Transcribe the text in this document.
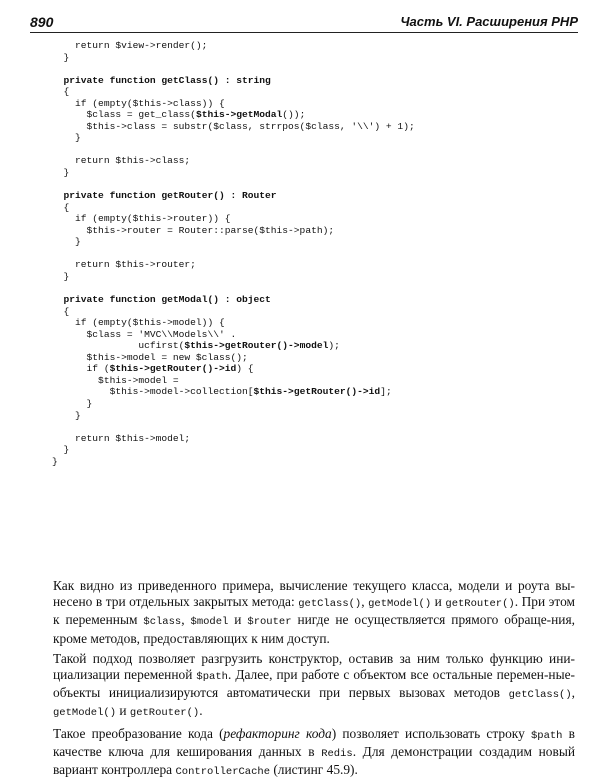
890	Часть VI. Расширения PHP
return $view->render();
}
private function getClass() : string
{
if (empty($this->class)) {
$class = get_class($this->getModal());
$this->class = substr($class, strrpos($class, '\\') + 1);
}
return $this->class;
}
private function getRouter() : Router
{
if (empty($this->router)) {
$this->router = Router::parse($this->path);
}
return $this->router;
}
private function getModal() : object
{
if (empty($this->model)) {
$class = 'MVC\\Models\\' .
ucfirst($this->getRouter()->model);
$this->model = new $class();
if ($this->getRouter()->id) {
$this->model =
$this->model->collection[$this->getRouter()->id];
}
}
return $this->model;
}
}

Как видно из приведенного примера, вычисление текущего класса, модели и роута вы-несено в три отдельных закрытых метода: getClass(), getModel() и getRouter(). При этом к переменным $class, $model и $router нигде не осуществляется прямого обраще-ния, кроме методов, предоставляющих к ним доступ.

Такой подход позволяет разгрузить конструктор, оставив за ним только функцию ини-циализации переменной $path. Далее, при работе с объектом все остальные перемен-ные-объекты инициализируются автоматически при первых вызовах методов getClass(), getModel() и getRouter().

Такое преобразование кода (рефакторинг кода) позволяет использовать строку $path в качестве ключа для кеширования данных в Redis. Для демонстрации создадим новый вариант контроллера ControllerCache (листинг 45.9).
